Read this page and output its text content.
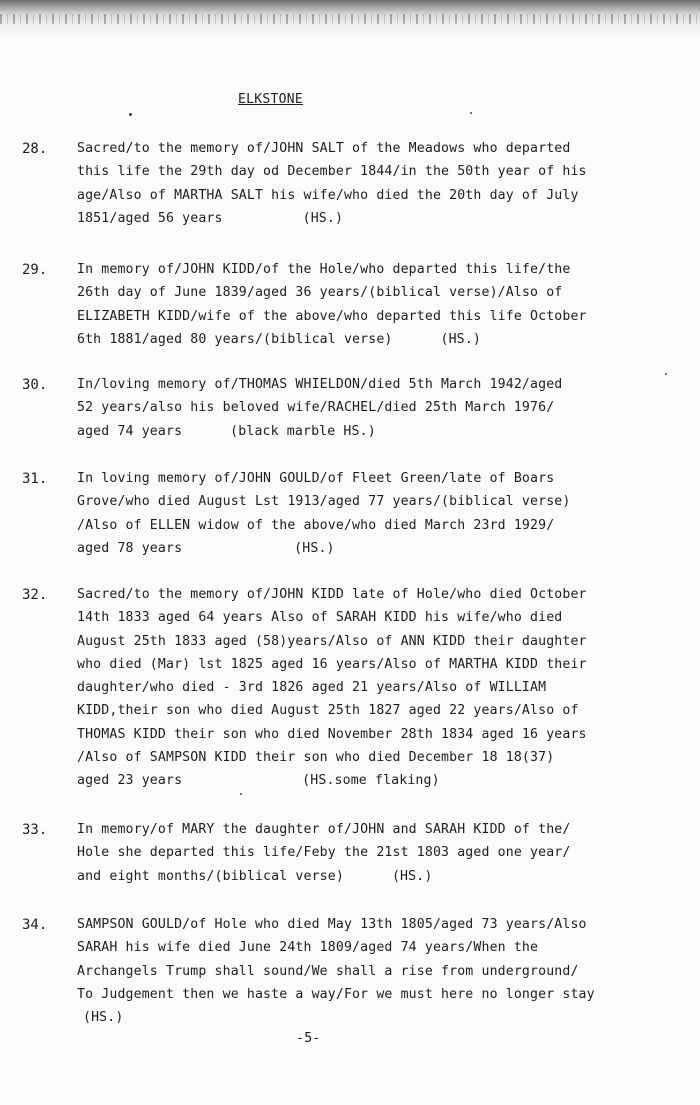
ELKSTONE
28. Sacred/to the memory of/JOHN SALT of the Meadows who departed
this life the 29th day od December 1844/in the 50th year of his
age/Also of MARTHA SALT his wife/who died the 20th day of July
1851/aged 56 years	(HS.)
29. In memory of/JOHN KIDD/of the Hole/who departed this life/the
26th day of June 1839/aged 36 years/(biblical verse)/Also of
ELIZABETH KIDD/wife of the above/who departed this life October
6th 1881/aged 80 years/(biblical verse)	(HS.)
30. In/loving memory of/THOMAS WHIELDON/died 5th March 1942/aged
52 years/also his beloved wife/RACHEL/died 25th March 1976/
aged 74 years	(black marble HS.)
31. In loving memory of/JOHN GOULD/of Fleet Green/late of Boars
Grove/who died August Lst 1913/aged 77 years/(biblical verse)
/Also of ELLEN widow of the above/who died March 23rd 1929/
aged 78 years	(HS.)
32. Sacred/to the memory of/JOHN KIDD late of Hole/who died October
14th 1833 aged 64 years Also of SARAH KIDD his wife/who died
August 25th 1833 aged (58)years/Also of ANN KIDD their daughter
who died (Mar) lst 1825 aged 16 years/Also of MARTHA KIDD their
daughter/who died - 3rd 1826 aged 21 years/Also of WILLIAM
KIDD,their son who died August 25th 1827 aged 22 years/Also of
THOMAS KIDD their son who died November 28th 1834 aged 16 years
/Also of SAMPSON KIDD their son who died December 18 18(37)
aged 23 years	(HS.some flaking)
33. In memory/of MARY the daughter of/JOHN and SARAH KIDD of the/
Hole she departed this life/Feby the 21st 1803 aged one year/
and eight months/(biblical verse)	(HS.)
34. SAMPSON GOULD/of Hole who died May 13th 1805/aged 73 years/Also
SARAH his wife died June 24th 1809/aged 74 years/When the
Archangels Trump shall sound/We shall a rise from underground/
To Judgement then we haste a way/For we must here no longer stay
(HS.)
-5-
